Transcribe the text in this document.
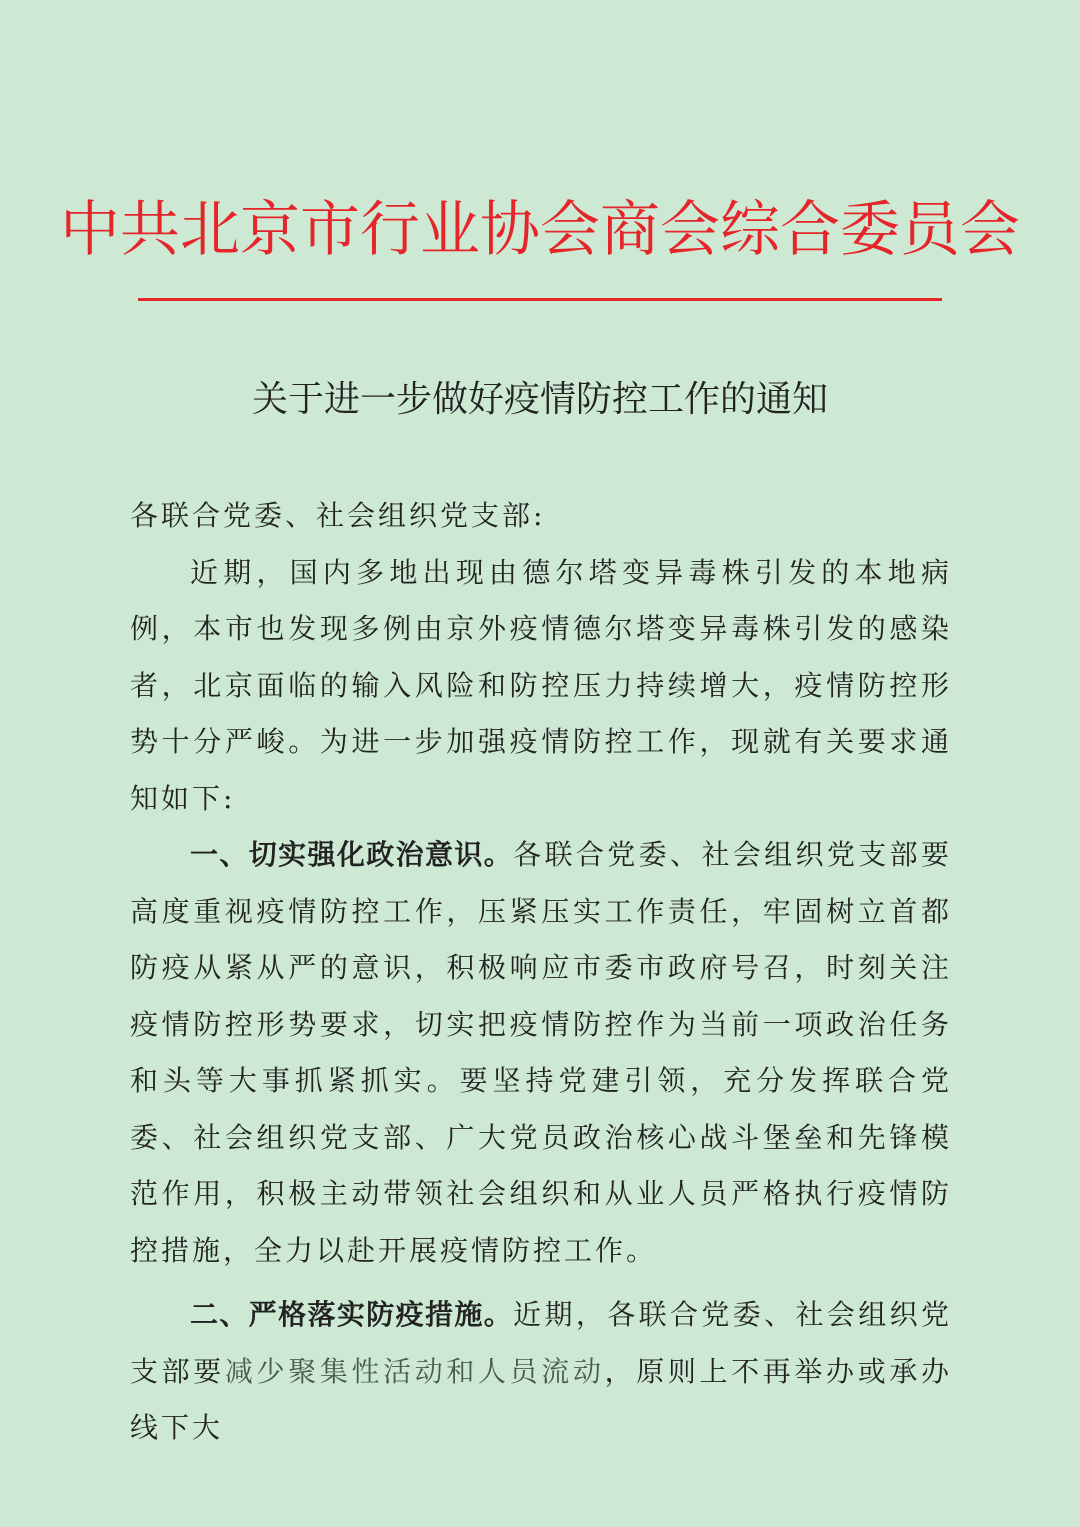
中共北京市行业协会商会综合委员会
关于进一步做好疫情防控工作的通知

各联合党委、社会组织党支部:

近期，国内多地出现由德尔塔变异毒株引发的本地病例，本市也发现多例由京外疫情德尔塔变异毒株引发的感染者，北京面临的输入风险和防控压力持续增大，疫情防控形势十分严峻。为进一步加强疫情防控工作，现就有关要求通知如下:

一、切实强化政治意识。各联合党委、社会组织党支部要高度重视疫情防控工作，压紧压实工作责任，牢固树立首都防疫从紧从严的意识，积极响应市委市政府号召，时刻关注疫情防控形势要求，切实把疫情防控作为当前一项政治任务和头等大事抓紧抓实。要坚持党建引领，充分发挥联合党委、社会组织党支部、广大党员政治核心战斗堡垒和先锋模范作用，积极主动带领社会组织和从业人员严格执行疫情防控措施，全力以赴开展疫情防控工作。

二、严格落实防疫措施。近期，各联合党委、社会组织党支部要减少聚集性活动和人员流动，原则上不再举办或承办线下大
